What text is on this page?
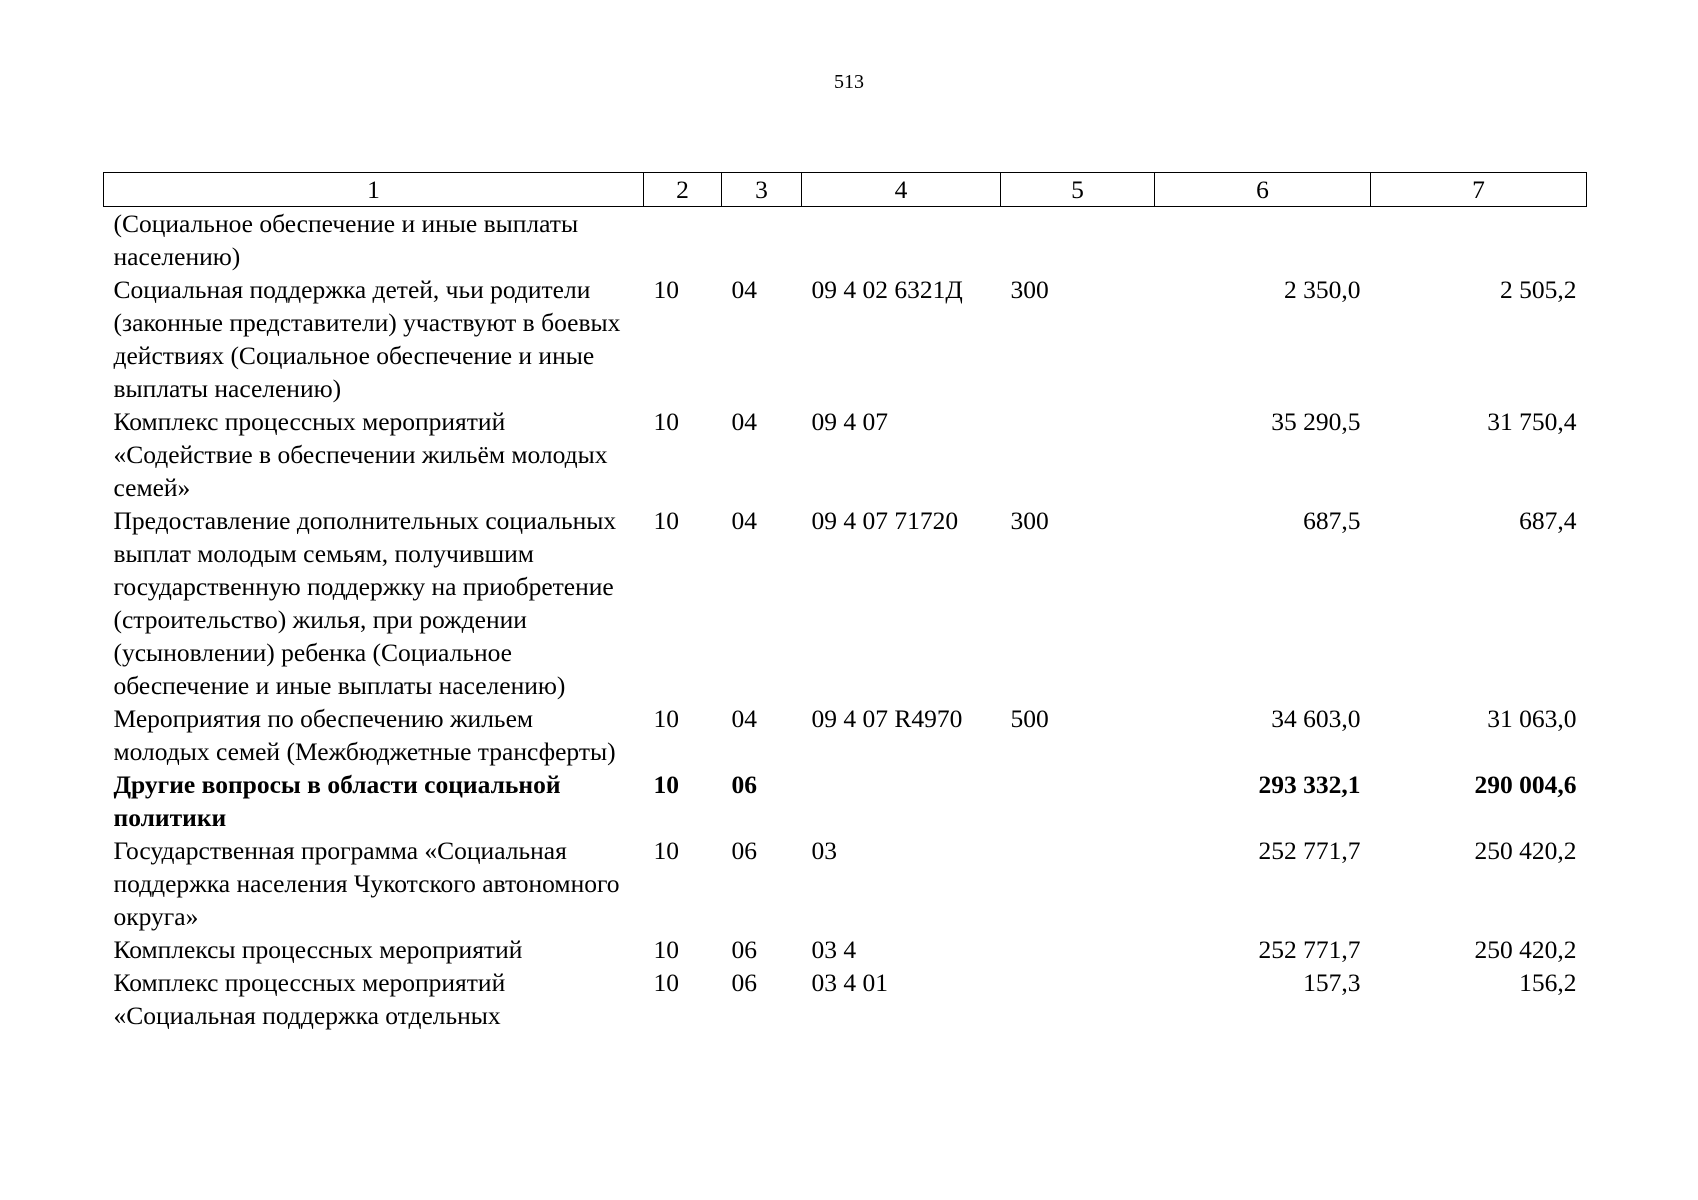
513
1	2	3	4	5	6	7
(Социальное обеспечение и иные выплаты населению)						
Социальная поддержка детей, чьи родители (законные представители) участвуют в боевых действиях (Социальное обеспечение и иные выплаты населению)	10	04	09 4 02 6321Д	300	2 350,0	2 505,2
Комплекс процессных мероприятий «Содействие в обеспечении жильём молодых семей»	10	04	09 4 07		35 290,5	31 750,4
Предоставление дополнительных социальных выплат молодым семьям, получившим государственную поддержку на приобретение (строительство) жилья, при рождении (усыновлении) ребенка (Социальное обеспечение и иные выплаты населению)	10	04	09 4 07 71720	300	687,5	687,4
Мероприятия по обеспечению жильем молодых семей (Межбюджетные трансферты)	10	04	09 4 07 R4970	500	34 603,0	31 063,0
Другие вопросы в области социальной политики	10	06			293 332,1	290 004,6
Государственная программа «Социальная поддержка населения Чукотского автономного округа»	10	06	03		252 771,7	250 420,2
Комплексы процессных мероприятий	10	06	03 4		252 771,7	250 420,2
Комплекс процессных мероприятий «Социальная поддержка отдельных	10	06	03 4 01		157,3	156,2
